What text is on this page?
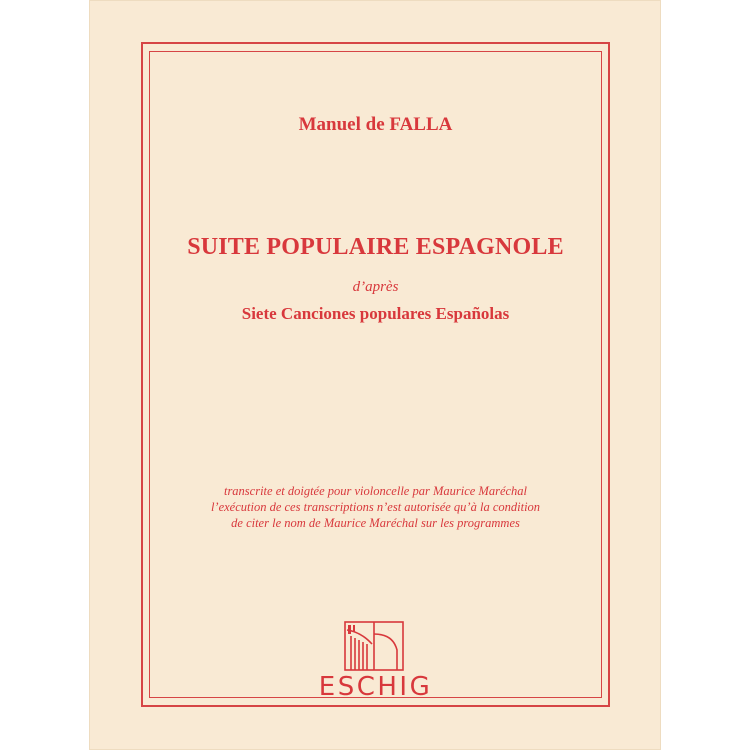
Manuel de FALLA
SUITE POPULAIRE ESPAGNOLE
d’après
Siete Canciones populares Españolas
transcrite et doigtée pour violoncelle par Maurice Maréchal
l’exécution de ces transcriptions n’est autorisée qu’à la condition
de citer le nom de Maurice Maréchal sur les programmes
ESCHIG
